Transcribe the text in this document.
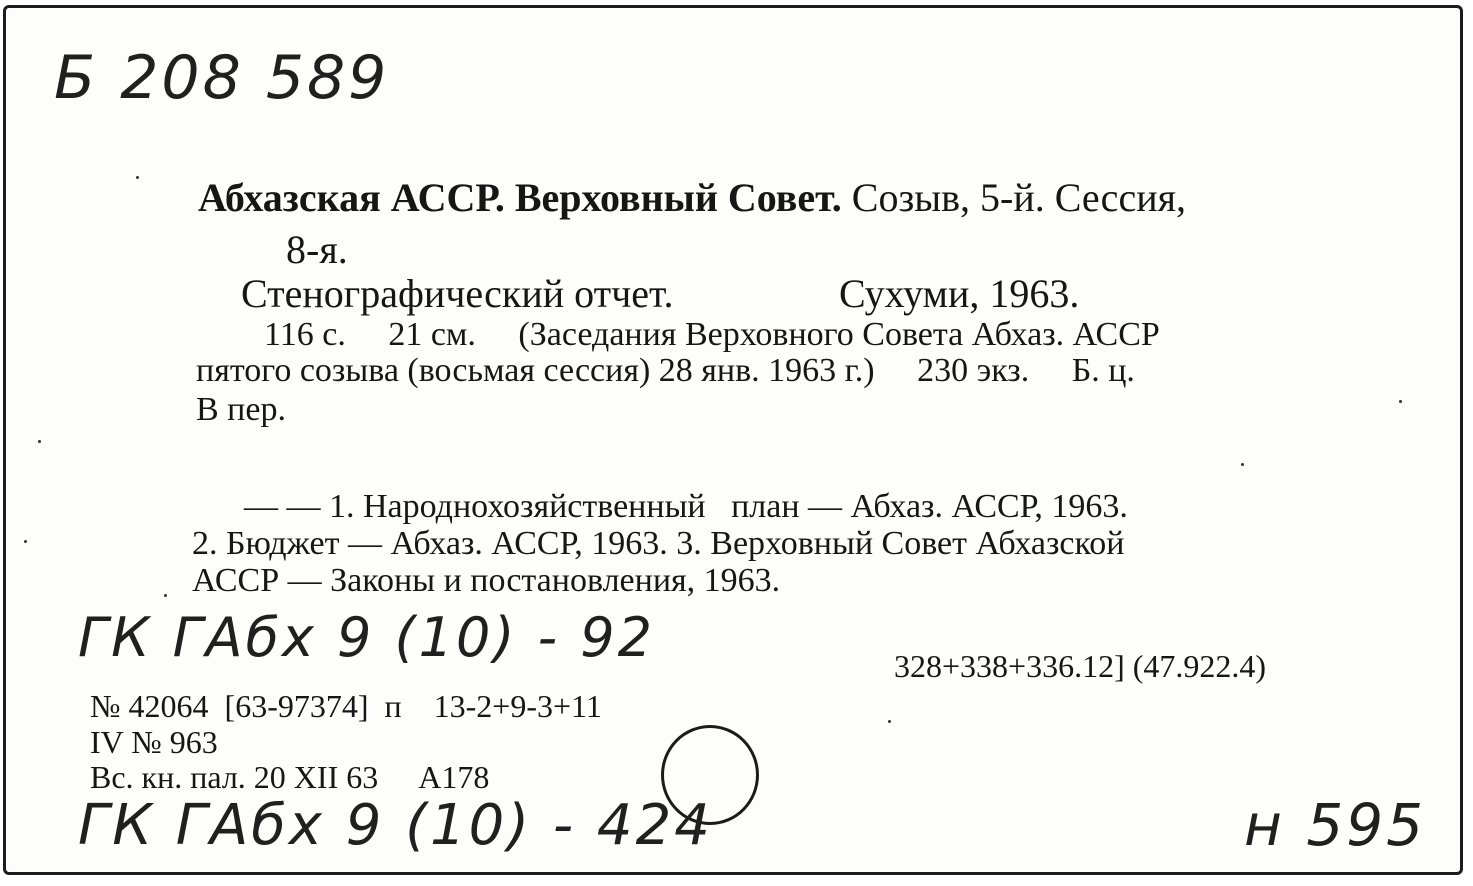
Б 208 589
Абхазская АССР. Верховный Совет. Созыв, 5-й. Сессия,
8-я.
Стенографический отчет.	Сухуми, 1963.
116 с.     21 см.     (Заседания Верховного Совета Абхаз. АССР
пятого созыва (восьмая сессия) 28 янв. 1963 г.)     230 экз.     Б. ц.
В пер.
— — 1. Народнохозяйственный   план — Абхаз. АССР, 1963.
2. Бюджет — Абхаз. АССР, 1963. 3. Верховный Совет Абхазской
АССР — Законы и постановления, 1963.
ГК ГАбх 9 (10) - 92	328+338+336.12] (47.922.4)
№ 42064  [63-97374]  п    13-2+9-3+11
IV № 963
Вс. кн. пал. 20 XII 63     А178
ГК ГАбх 9 (10) - 424	н 595
